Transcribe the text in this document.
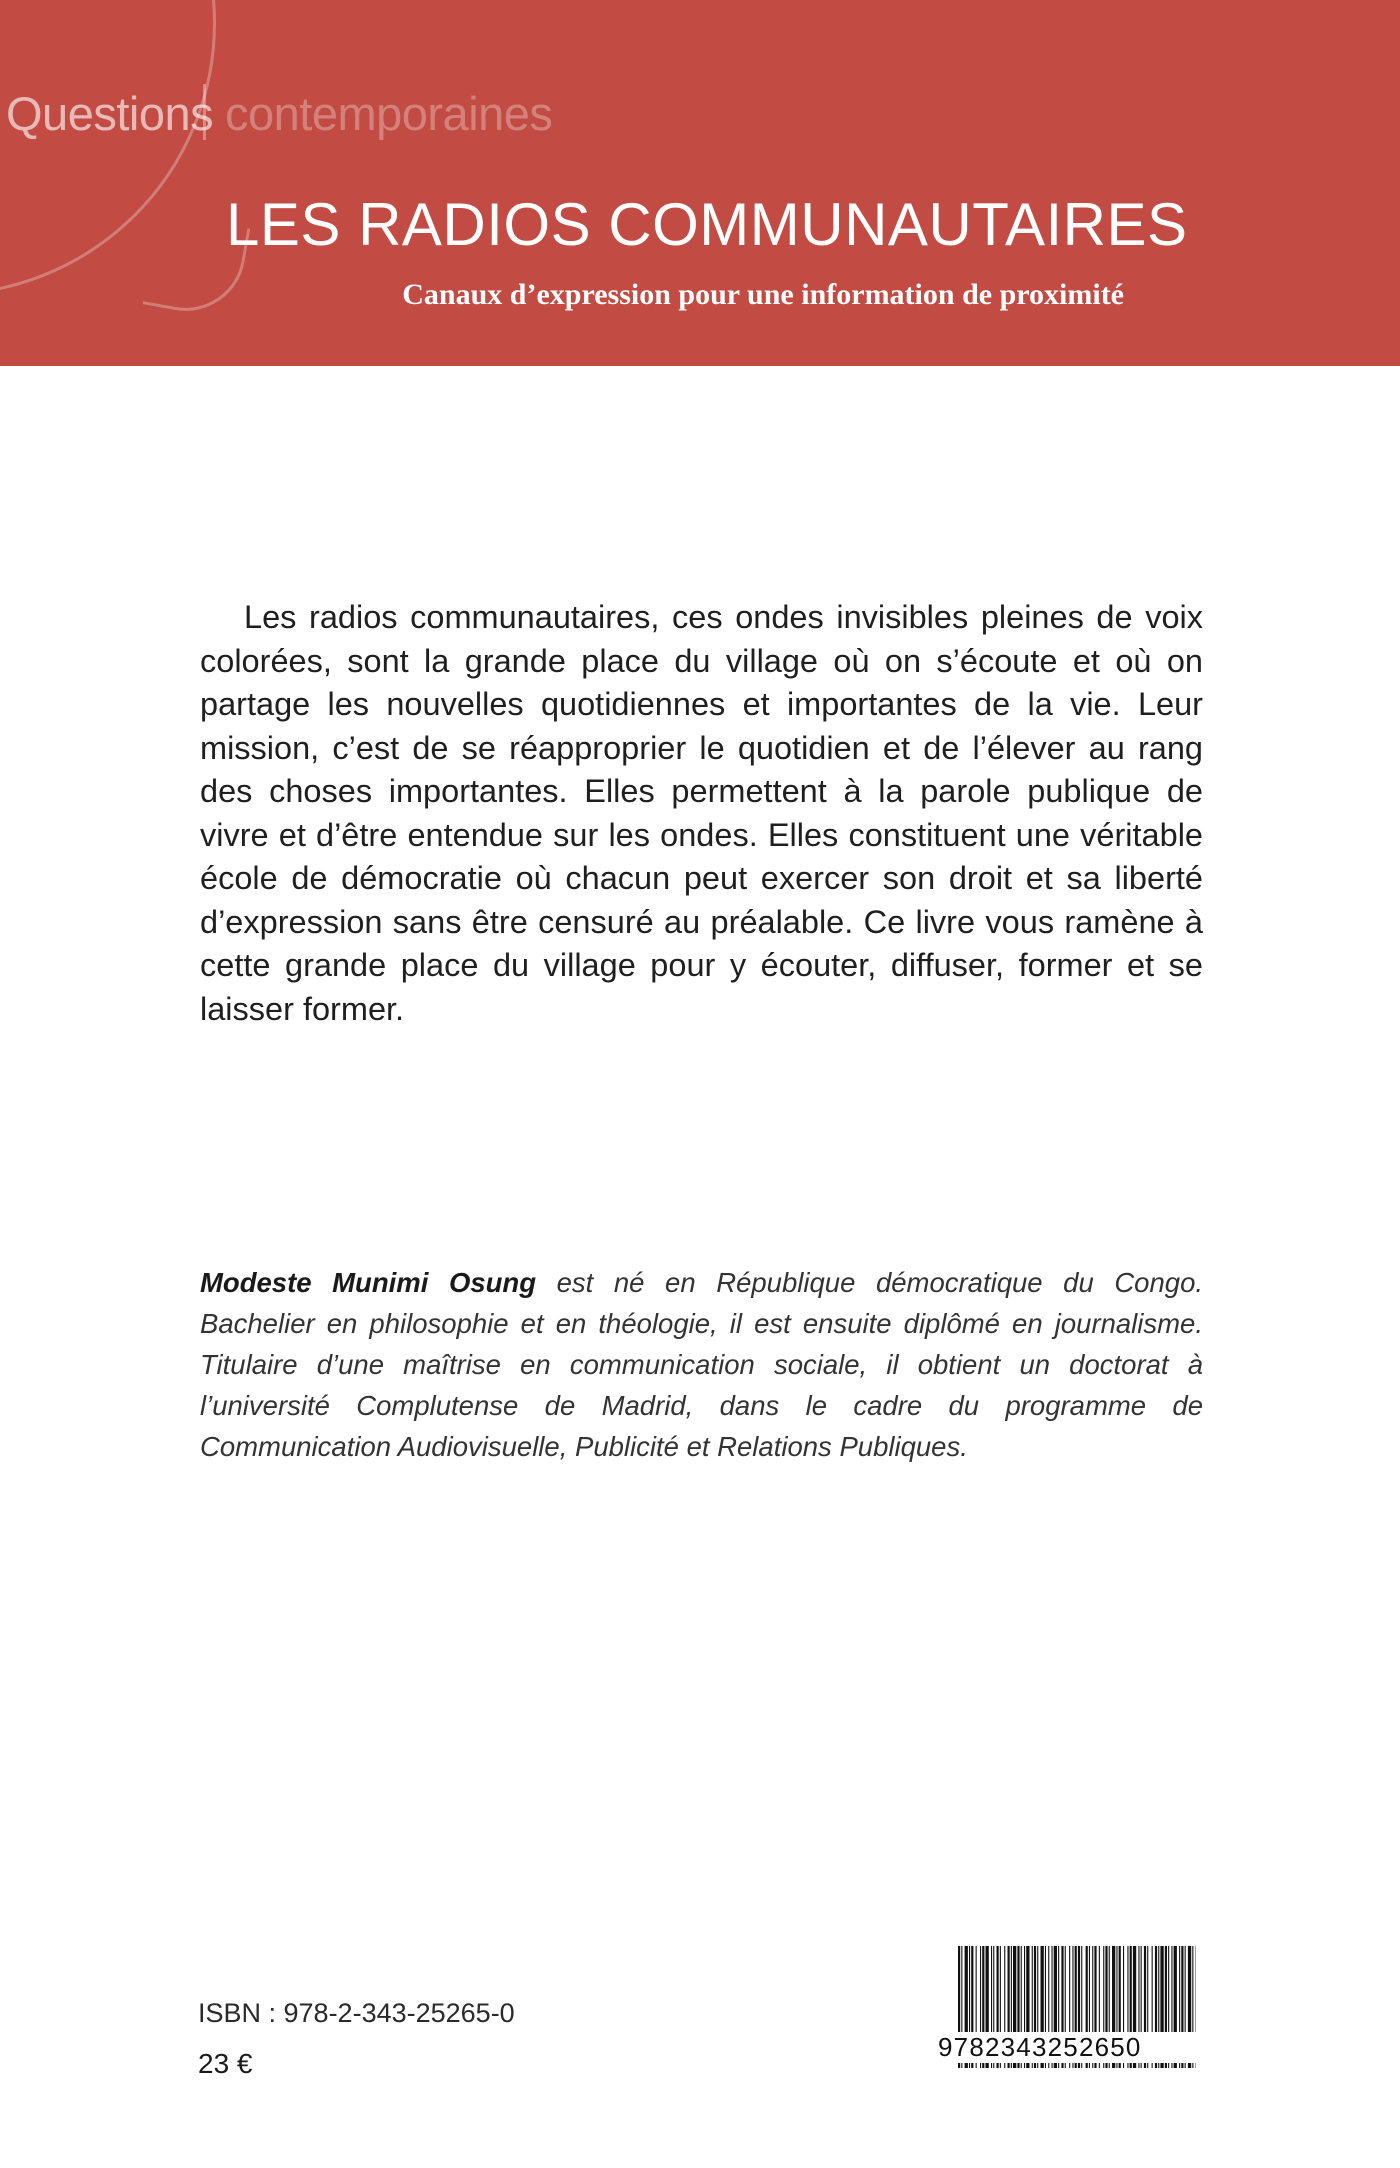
Questions contemporaines
LES RADIOS COMMUNAUTAIRES
Canaux d’expression pour une information de proximité

Les radios communautaires, ces ondes invisibles pleines de voix colorées, sont la grande place du village où on s’écoute et où on partage les nouvelles quotidiennes et importantes de la vie. Leur mission, c’est de se réapproprier le quotidien et de l’élever au rang des choses importantes. Elles permettent à la parole publique de vivre et d’être entendue sur les ondes. Elles constituent une véritable école de démocratie où chacun peut exercer son droit et sa liberté d’expression sans être censuré au préalable. Ce livre vous ramène à cette grande place du village pour y écouter, diffuser, former et se laisser former.

Modeste Munimi Osung est né en République démocratique du Congo. Bachelier en philosophie et en théologie, il est ensuite diplômé en journalisme. Titulaire d’une maîtrise en communication sociale, il obtient un doctorat à l’université Complutense de Madrid, dans le cadre du programme de Communication Audiovisuelle, Publicité et Relations Publiques.

ISBN : 978-2-343-25265-0
23 €
9782343252650
